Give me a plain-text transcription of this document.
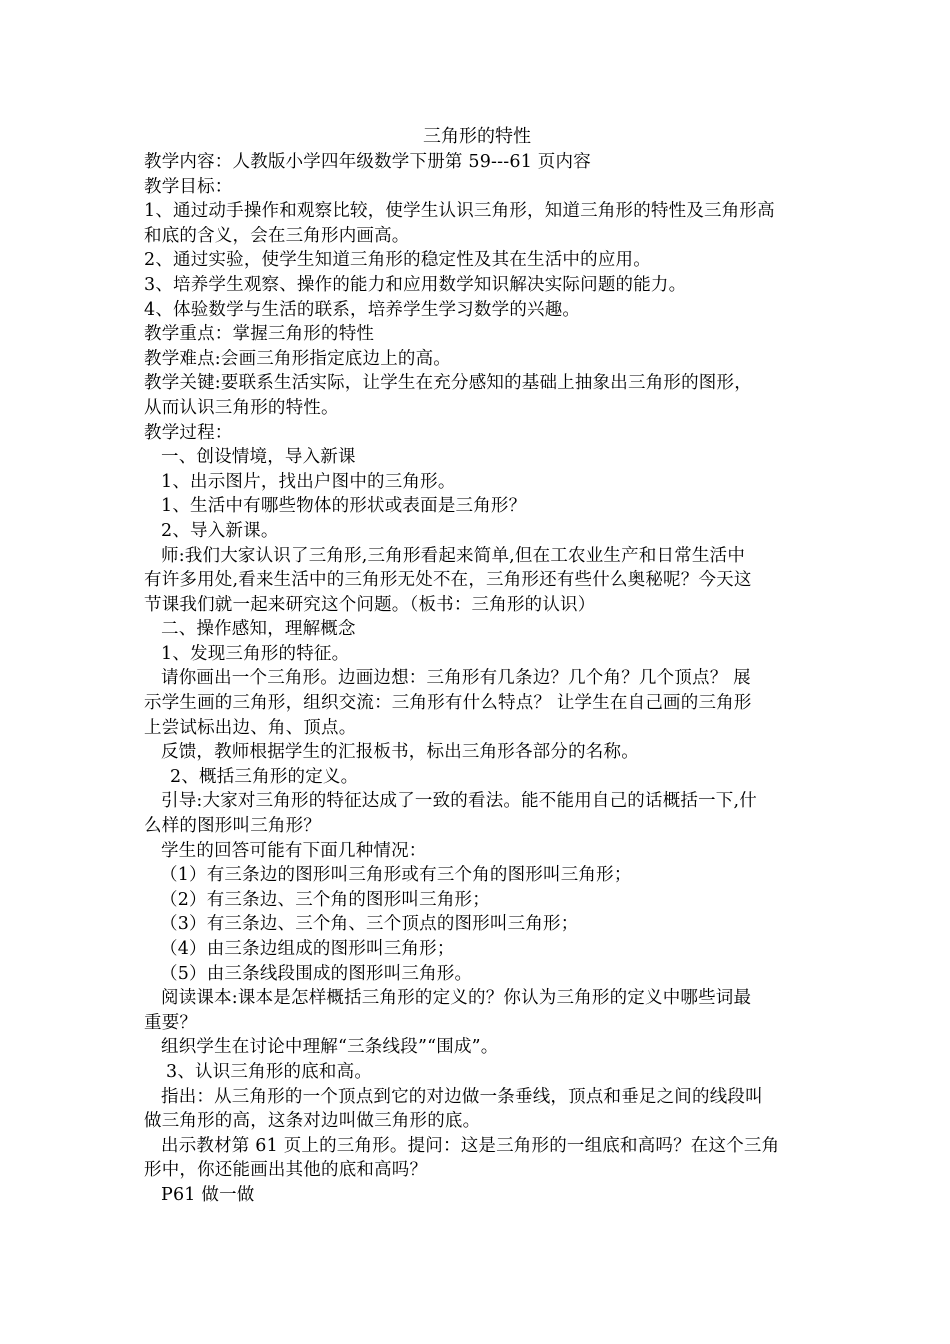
三角形的特性

教学内容：人教版小学四年级数学下册第 59---61 页内容

教学目标：

1、通过动手操作和观察比较，使学生认识三角形，知道三角形的特性及三角形高

和底的含义，会在三角形内画高。

2、通过实验，使学生知道三角形的稳定性及其在生活中的应用。

3、培养学生观察、操作的能力和应用数学知识解决实际问题的能力。

4、体验数学与生活的联系，培养学生学习数学的兴趣。

教学重点：掌握三角形的特性

教学难点:会画三角形指定底边上的高。

教学关键:要联系生活实际，让学生在充分感知的基础上抽象出三角形的图形，

从而认识三角形的特性。

教学过程：

一、创设情境，导入新课

1、出示图片，找出户图中的三角形。

1、生活中有哪些物体的形状或表面是三角形？

2、导入新课。

师:我们大家认识了三角形,三角形看起来简单,但在工农业生产和日常生活中

有许多用处,看来生活中的三角形无处不在，三角形还有些什么奥秘呢？今天这

节课我们就一起来研究这个问题。（板书：三角形的认识）

二、操作感知，理解概念

1、发现三角形的特征。

请你画出一个三角形。边画边想：三角形有几条边？几个角？几个顶点？ 展

示学生画的三角形，组织交流：三角形有什么特点？ 让学生在自己画的三角形

上尝试标出边、角、顶点。

反馈，教师根据学生的汇报板书，标出三角形各部分的名称。

2、概括三角形的定义。

引导:大家对三角形的特征达成了一致的看法。能不能用自己的话概括一下,什

么样的图形叫三角形？

学生的回答可能有下面几种情况：

（1）有三条边的图形叫三角形或有三个角的图形叫三角形；

（2）有三条边、三个角的图形叫三角形；

（3）有三条边、三个角、三个顶点的图形叫三角形；

（4）由三条边组成的图形叫三角形；

（5）由三条线段围成的图形叫三角形。

阅读课本:课本是怎样概括三角形的定义的？你认为三角形的定义中哪些词最

重要？

组织学生在讨论中理解“三条线段”“围成”。

3、认识三角形的底和高。

指出：从三角形的一个顶点到它的对边做一条垂线，顶点和垂足之间的线段叫

做三角形的高，这条对边叫做三角形的底。

出示教材第 61 页上的三角形。提问：这是三角形的一组底和高吗？在这个三角

形中，你还能画出其他的底和高吗？

P61 做一做
